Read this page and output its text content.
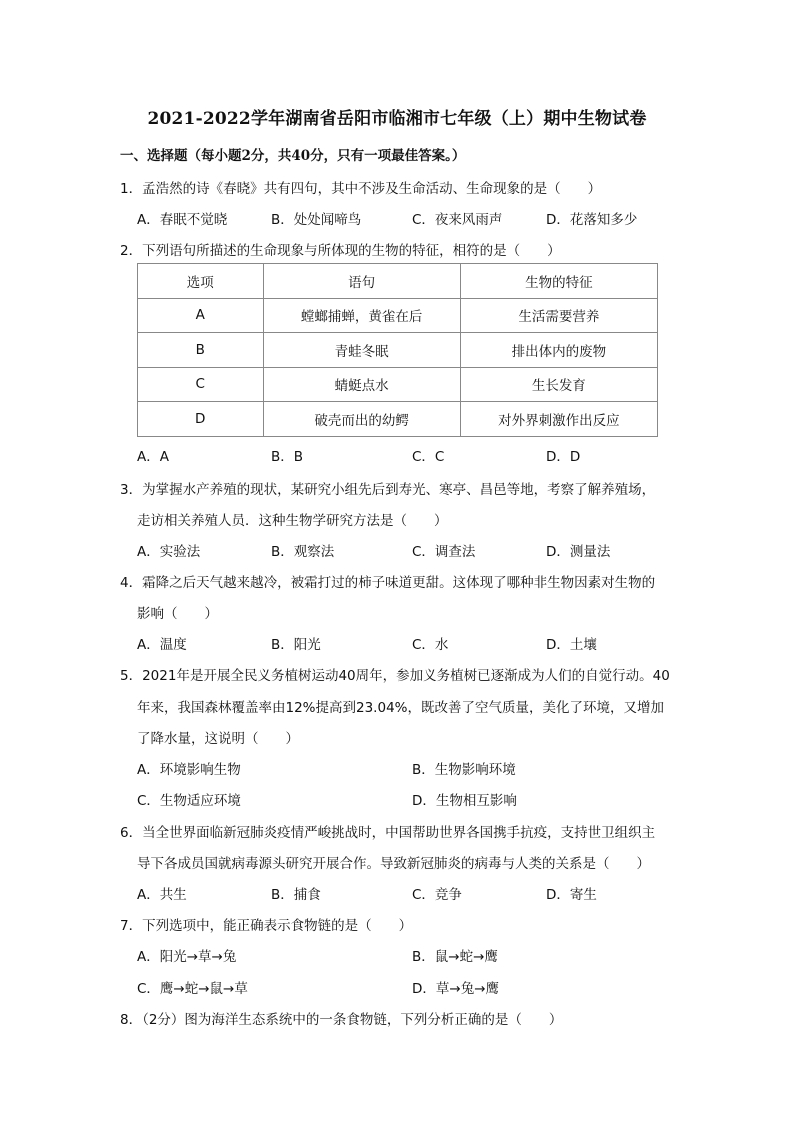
2021-2022学年湖南省岳阳市临湘市七年级（上）期中生物试卷
一、选择题（每小题2分，共40分，只有一项最佳答案。）
1．孟浩然的诗《春晓》共有四句，其中不涉及生命活动、生命现象的是（　　）
A．春眠不觉晓	B．处处闻啼鸟	C．夜来风雨声	D．花落知多少
2．下列语句所描述的生命现象与所体现的生物的特征，相符的是（　　）
选项	语句	生物的特征
A	螳螂捕蝉，黄雀在后	生活需要营养
B	青蛙冬眠	排出体内的废物
C	蜻蜓点水	生长发育
D	破壳而出的幼鳄	对外界刺激作出反应
A．A	B．B	C．C	D．D
3．为掌握水产养殖的现状，某研究小组先后到寿光、寒亭、昌邑等地，考察了解养殖场，
走访相关养殖人员．这种生物学研究方法是（　　）
A．实验法	B．观察法	C．调查法	D．测量法
4．霜降之后天气越来越冷，被霜打过的柿子味道更甜。这体现了哪种非生物因素对生物的
影响（　　）
A．温度	B．阳光	C．水	D．土壤
5．2021年是开展全民义务植树运动40周年，参加义务植树已逐渐成为人们的自觉行动。40
年来，我国森林覆盖率由12%提高到23.04%，既改善了空气质量，美化了环境，又增加
了降水量，这说明（　　）
A．环境影响生物	B．生物影响环境
C．生物适应环境	D．生物相互影响
6．当全世界面临新冠肺炎疫情严峻挑战时，中国帮助世界各国携手抗疫，支持世卫组织主
导下各成员国就病毒源头研究开展合作。导致新冠肺炎的病毒与人类的关系是（　　）
A．共生	B．捕食	C．竞争	D．寄生
7．下列选项中，能正确表示食物链的是（　　）
A．阳光→草→兔	B．鼠→蛇→鹰
C．鹰→蛇→鼠→草	D．草→兔→鹰
8．（2分）图为海洋生态系统中的一条食物链，下列分析正确的是（　　）
